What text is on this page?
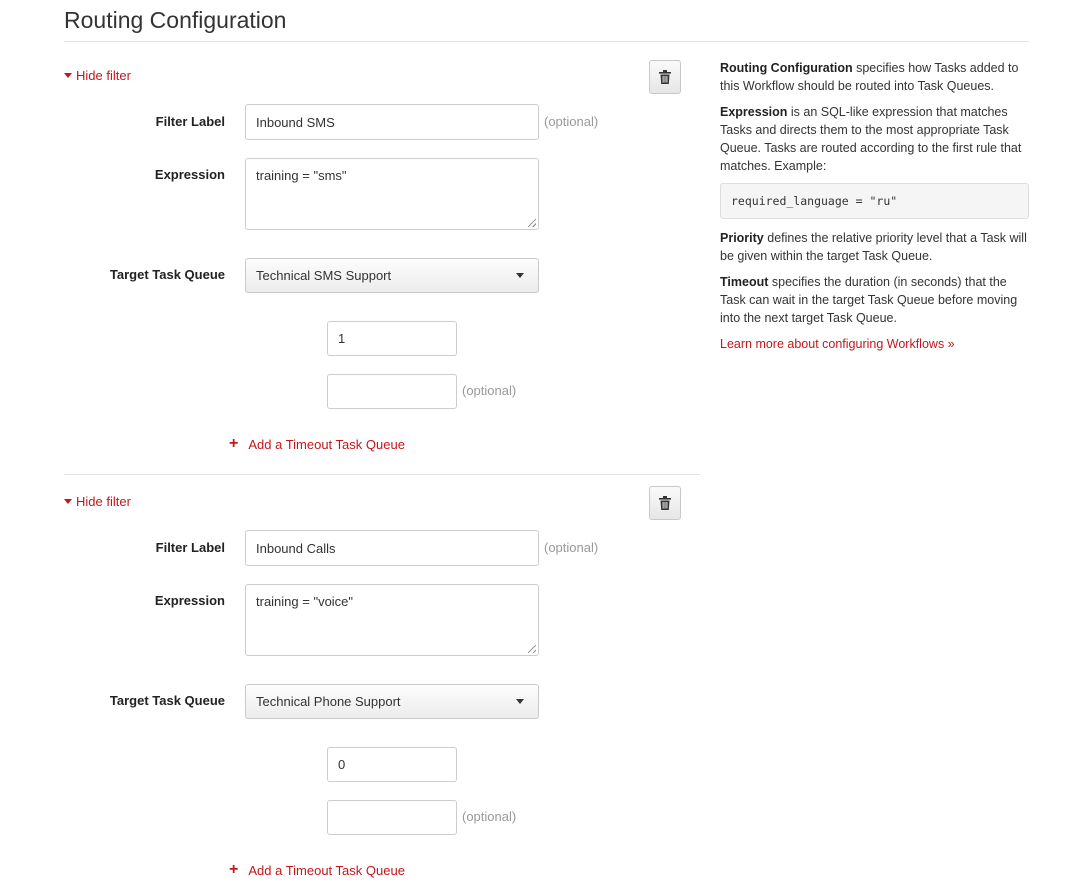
Routing Configuration
Hide filter
Filter Label	Inbound SMS	(optional)
Expression	training = "sms"
Target Task Queue Technical SMS Support
1
(optional)
+ Add a Timeout Task Queue
Hide filter
Filter Label	Inbound Calls	(optional)
Expression	training = "voice"
Target Task Queue Technical Phone Support
0
(optional)
+ Add a Timeout Task Queue

Routing Configuration specifies how Tasks added to this Workflow should be routed into Task Queues.

Expression is an SQL-like expression that matches Tasks and directs them to the most appropriate Task Queue. Tasks are routed according to the first rule that matches. Example:

required_language = "ru"

Priority defines the relative priority level that a Task will be given within the target Task Queue.

Timeout specifies the duration (in seconds) that the Task can wait in the target Task Queue before moving into the next target Task Queue.

Learn more about configuring Workflows »
